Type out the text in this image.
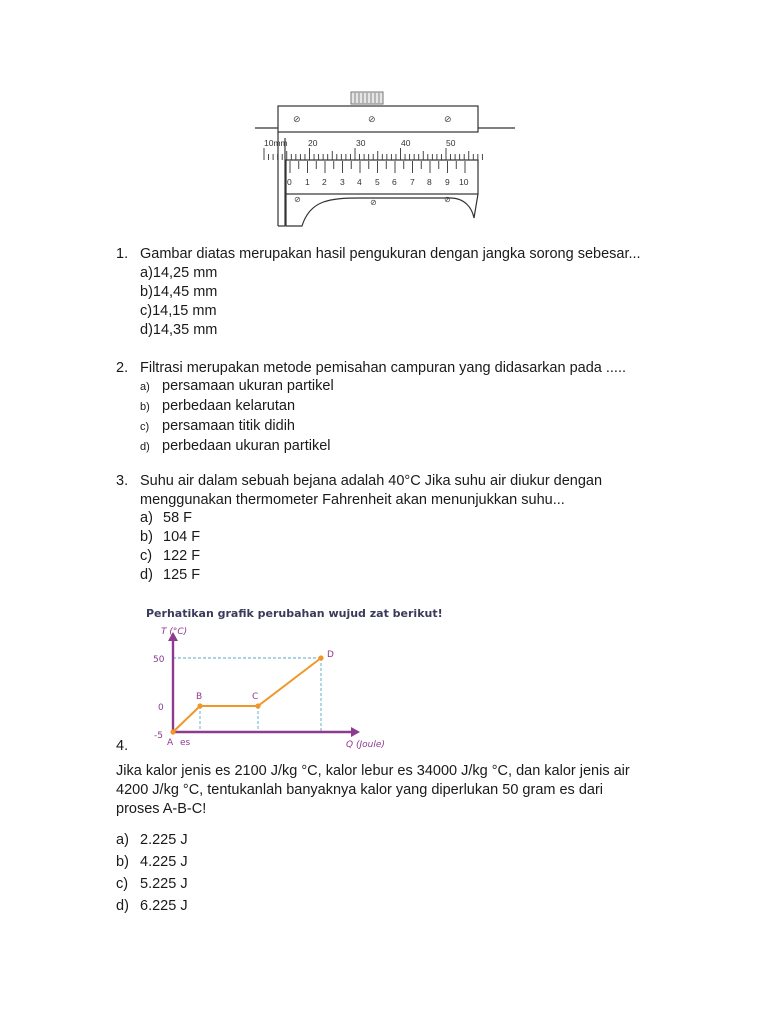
⊘	⊘	⊘
10mm 20	30	40	50
0 1 2 3 4 5 6 7 8 9 10
⊘	⊘	⊘
1. Gambar diatas merupakan hasil pengukuran dengan jangka sorong sebesar...
a)14,25 mm
b)14,45 mm
c)14,15 mm
d)14,35 mm
2. Filtrasi merupakan metode pemisahan campuran yang didasarkan pada .....
a) persamaan ukuran partikel
b) perbedaan kelarutan
c) persamaan titik didih
d) perbedaan ukuran partikel
3. Suhu air dalam sebuah bejana adalah 40°C Jika suhu air diukur dengan
menggunakan thermometer Fahrenheit akan menunjukkan suhu...
a) 58 F
b) 104 F
c) 122 F
d) 125 F
Perhatikan grafik perubahan wujud zat berikut!
T (°C)
Q (Joule)
50
0
-5
A es
B	C
D
4.
Jika kalor jenis es 2100 J/kg °C, kalor lebur es 34000 J/kg °C, dan kalor jenis air
4200 J/kg °C, tentukanlah banyaknya kalor yang diperlukan 50 gram es dari
proses A-B-C!
a) 2.225 J
b) 4.225 J
c) 5.225 J
d) 6.225 J
